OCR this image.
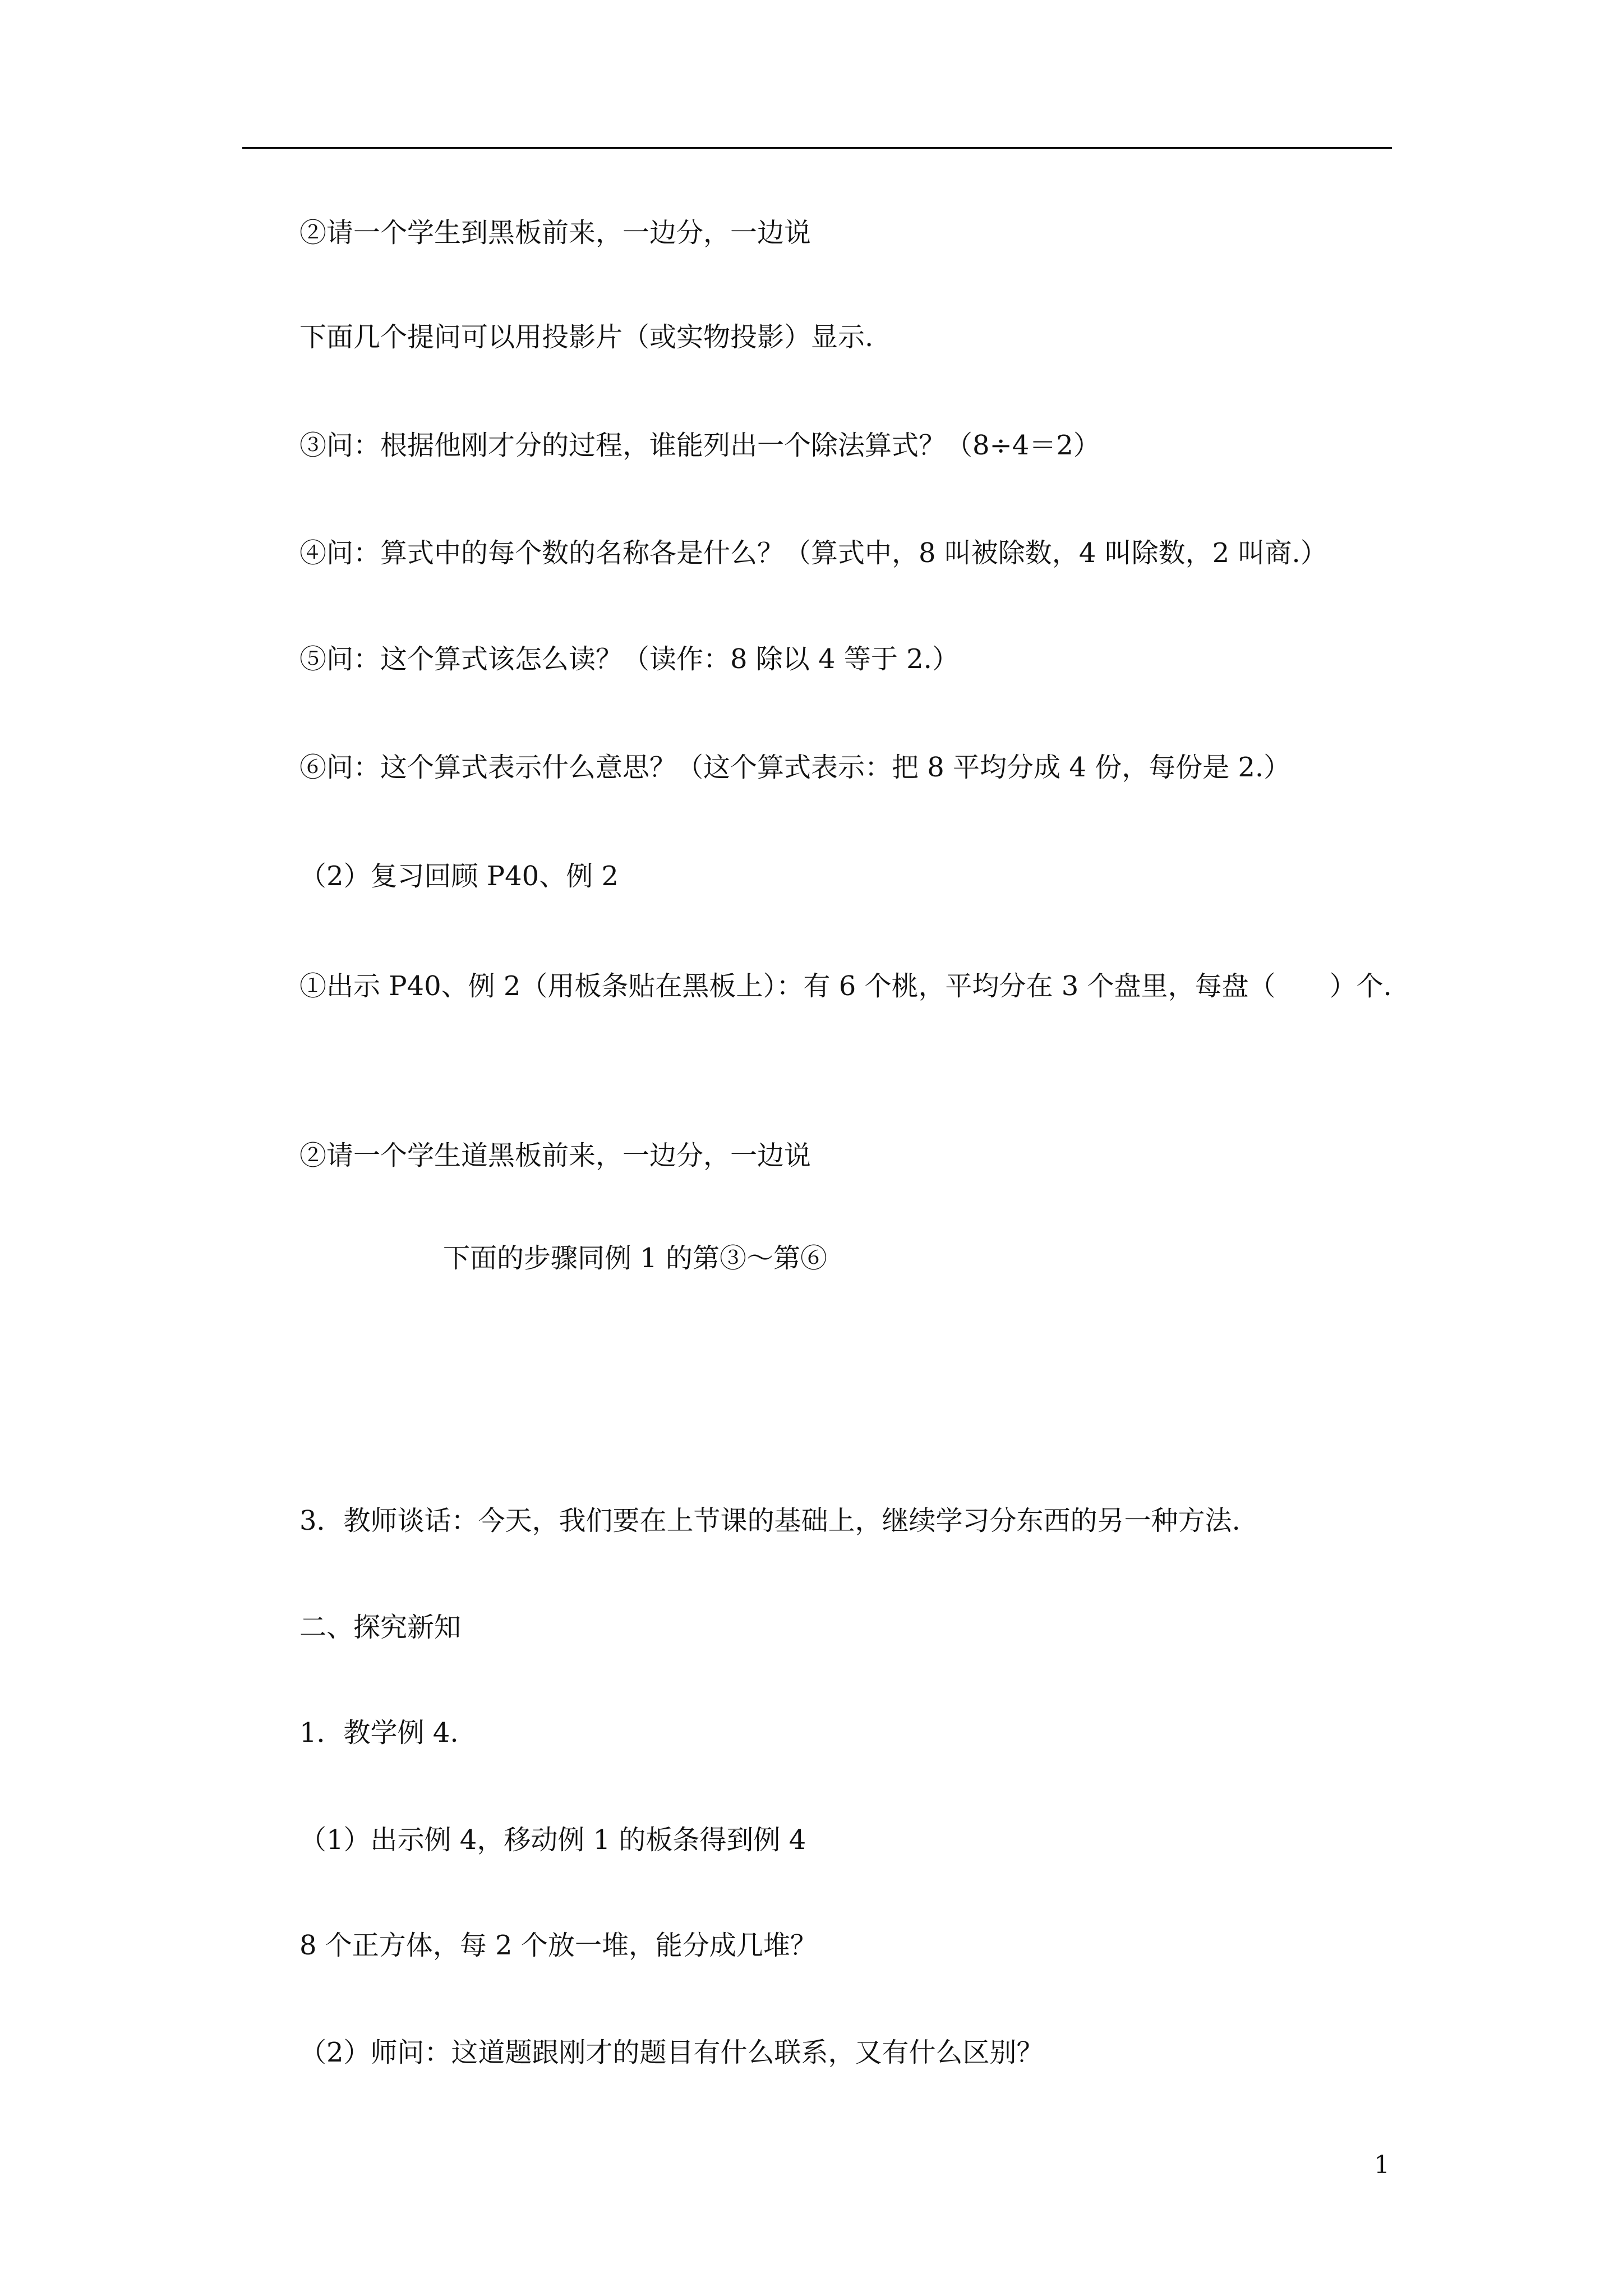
②请一个学生到黑板前来，一边分，一边说

下面几个提问可以用投影片（或实物投影）显示.

③问：根据他刚才分的过程，谁能列出一个除法算式？（8÷4＝2）

④问：算式中的每个数的名称各是什么？（算式中，8 叫被除数，4 叫除数，2 叫商.）

⑤问：这个算式该怎么读？（读作：8 除以 4 等于 2.）

⑥问：这个算式表示什么意思？（这个算式表示：把 8 平均分成 4 份，每份是 2.）

（2）复习回顾 P40、例 2

①出示 P40、例 2（用板条贴在黑板上）：有 6 个桃，平均分在 3 个盘里，每盘（　　）个.

②请一个学生道黑板前来，一边分，一边说

下面的步骤同例 1 的第③～第⑥

3．教师谈话：今天，我们要在上节课的基础上，继续学习分东西的另一种方法.

二、探究新知

1．教学例 4.

（1）出示例 4，移动例 1 的板条得到例 4

8 个正方体，每 2 个放一堆，能分成几堆？

（2）师问：这道题跟刚才的题目有什么联系，又有什么区别？

1
